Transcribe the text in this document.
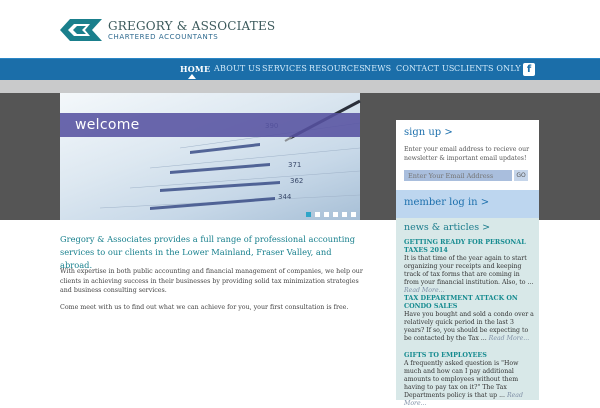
GREGORY & ASSOCIATES
CHARTERED ACCOUNTANTS
HOME ABOUT US SERVICES RESOURCES NEWS CONTACT US CLIENTS ONLY f
371
362
344
welcome	sign up >
Enter your email address to recieve our newsletter & important email updates!
Enter Your Email Address
GO
member log in >
news & articles >
GETTING READY FOR PERSONAL TAXES 2014
It is that time of the year again to start organizing your receipts and keeping track of tax forms that are coming in from your financial institution. Also, to ... Read More...
TAX DEPARTMENT ATTACK ON CONDO SALES
Have you bought and sold a condo over a relatively quick period in the last 3 years? If so, you should be expecting to be contacted by the Tax ... Read More...
GIFTS TO EMPLOYEES
A frequently asked question is "How much and how can I pay additional amounts to employees without them having to pay tax on it?" The Tax Departments policy is that up ... Read More...
Gregory & Associates provides a full range of professional accounting services to our clients in the Lower Mainland, Fraser Valley, and abroad.
With expertise in both public accounting and financial management of companies, we help our clients in achieving success in their businesses by providing solid tax minimization strategies and business consulting services.
Come meet with us to find out what we can achieve for you, your first consultation is free.
